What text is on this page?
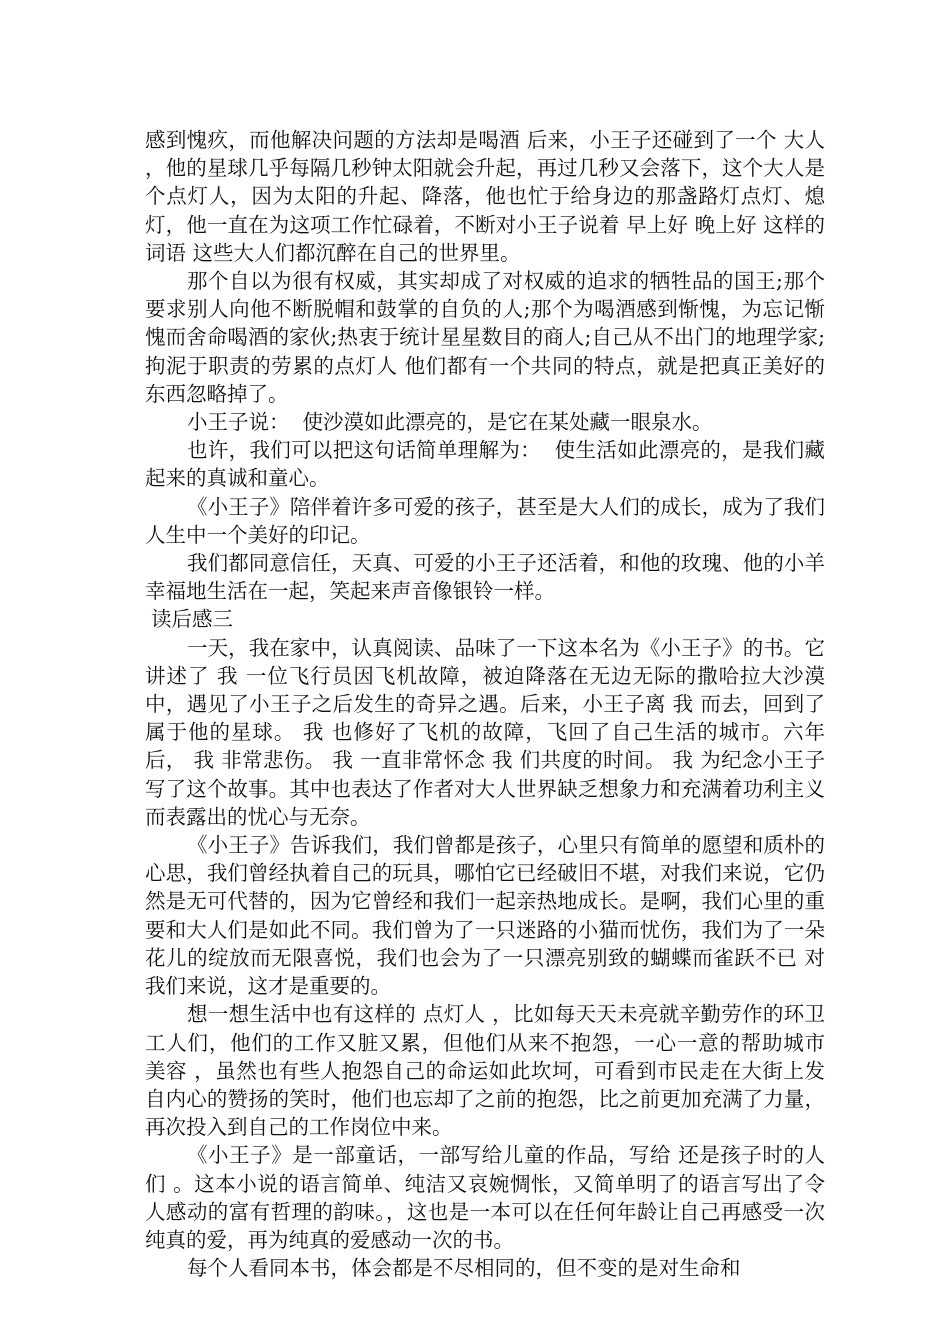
感到愧疚，而他解决问题的方法却是喝酒 后来，小王子还碰到了一个 大人 ，他的星球几乎每隔几秒钟太阳就会升起，再过几秒又会落下，这个大人是个点灯人，因为太阳的升起、降落，他也忙于给身边的那盏路灯点灯、熄灯，他一直在为这项工作忙碌着，不断对小王子说着 早上好 晚上好 这样的词语 这些大人们都沉醉在自己的世界里。

那个自以为很有权威，其实却成了对权威的追求的牺牲品的国王;那个要求别人向他不断脱帽和鼓掌的自负的人;那个为喝酒感到惭愧，为忘记惭愧而舍命喝酒的家伙;热衷于统计星星数目的商人;自己从不出门的地理学家;拘泥于职责的劳累的点灯人 他们都有一个共同的特点，就是把真正美好的东西忽略掉了。

小王子说：  使沙漠如此漂亮的，是它在某处藏一眼泉水。

也许，我们可以把这句话简单理解为：  使生活如此漂亮的，是我们藏起来的真诚和童心。

《小王子》陪伴着许多可爱的孩子，甚至是大人们的成长，成为了我们人生中一个美好的印记。

我们都同意信任，天真、可爱的小王子还活着，和他的玫瑰、他的小羊幸福地生活在一起，笑起来声音像银铃一样。

读后感三

一天，我在家中，认真阅读、品味了一下这本名为《小王子》的书。它讲述了 我 一位飞行员因飞机故障，被迫降落在无边无际的撒哈拉大沙漠中，遇见了小王子之后发生的奇异之遇。后来，小王子离 我 而去，回到了属于他的星球。 我 也修好了飞机的故障，飞回了自己生活的城市。六年后， 我 非常悲伤。 我 一直非常怀念 我 们共度的时间。 我 为纪念小王子写了这个故事。其中也表达了作者对大人世界缺乏想象力和充满着功利主义而表露出的忧心与无奈。

《小王子》告诉我们，我们曾都是孩子，心里只有简单的愿望和质朴的心思，我们曾经执着自己的玩具，哪怕它已经破旧不堪，对我们来说，它仍然是无可代替的，因为它曾经和我们一起亲热地成长。是啊，我们心里的重要和大人们是如此不同。我们曾为了一只迷路的小猫而忧伤，我们为了一朵花儿的绽放而无限喜悦，我们也会为了一只漂亮别致的蝴蝶而雀跃不已 对我们来说，这才是重要的。

想一想生活中也有这样的 点灯人 ，比如每天天未亮就辛勤劳作的环卫工人们，他们的工作又脏又累，但他们从来不抱怨，一心一意的帮助城市 美容 ，虽然也有些人抱怨自己的命运如此坎坷，可看到市民走在大街上发自内心的赞扬的笑时，他们也忘却了之前的抱怨，比之前更加充满了力量，再次投入到自己的工作岗位中来。

《小王子》是一部童话，一部写给儿童的作品，写给 还是孩子时的人们 。这本小说的语言简单、纯洁又哀婉惆怅，又简单明了的语言写出了令人感动的富有哲理的韵味。，这也是一本可以在任何年龄让自己再感受一次纯真的爱，再为纯真的爱感动一次的书。

每个人看同本书，体会都是不尽相同的，但不变的是对生命和
